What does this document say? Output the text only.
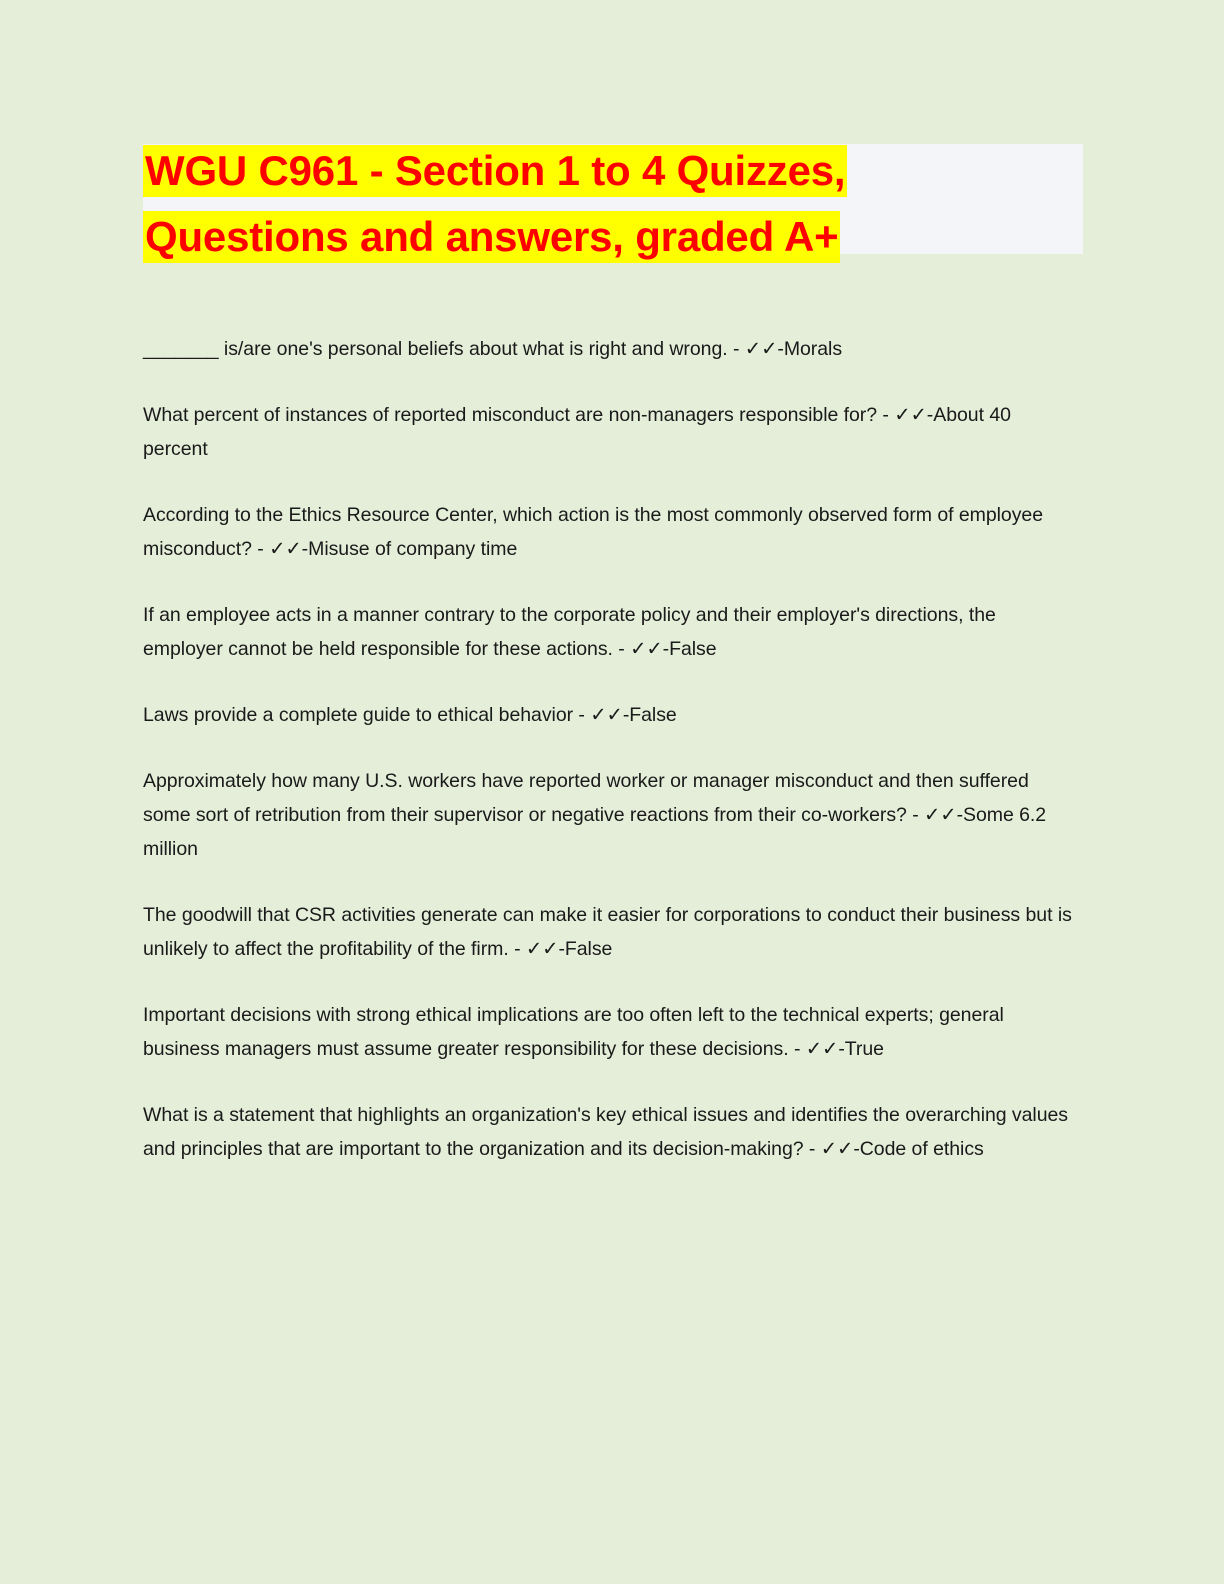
WGU C961 - Section 1 to 4 Quizzes,
Questions and answers, graded A+

_______ is/are one's personal beliefs about what is right and wrong. - ✓✓-Morals

What percent of instances of reported misconduct are non-managers responsible for? - ✓✓-About 40 percent

According to the Ethics Resource Center, which action is the most commonly observed form of employee misconduct? - ✓✓-Misuse of company time

If an employee acts in a manner contrary to the corporate policy and their employer's directions, the employer cannot be held responsible for these actions. - ✓✓-False

Laws provide a complete guide to ethical behavior - ✓✓-False

Approximately how many U.S. workers have reported worker or manager misconduct and then suffered some sort of retribution from their supervisor or negative reactions from their co-workers? - ✓✓-Some 6.2 million

The goodwill that CSR activities generate can make it easier for corporations to conduct their business but is unlikely to affect the profitability of the firm. - ✓✓-False

Important decisions with strong ethical implications are too often left to the technical experts; general business managers must assume greater responsibility for these decisions. - ✓✓-True

What is a statement that highlights an organization's key ethical issues and identifies the overarching values and principles that are important to the organization and its decision-making? - ✓✓-Code of ethics
